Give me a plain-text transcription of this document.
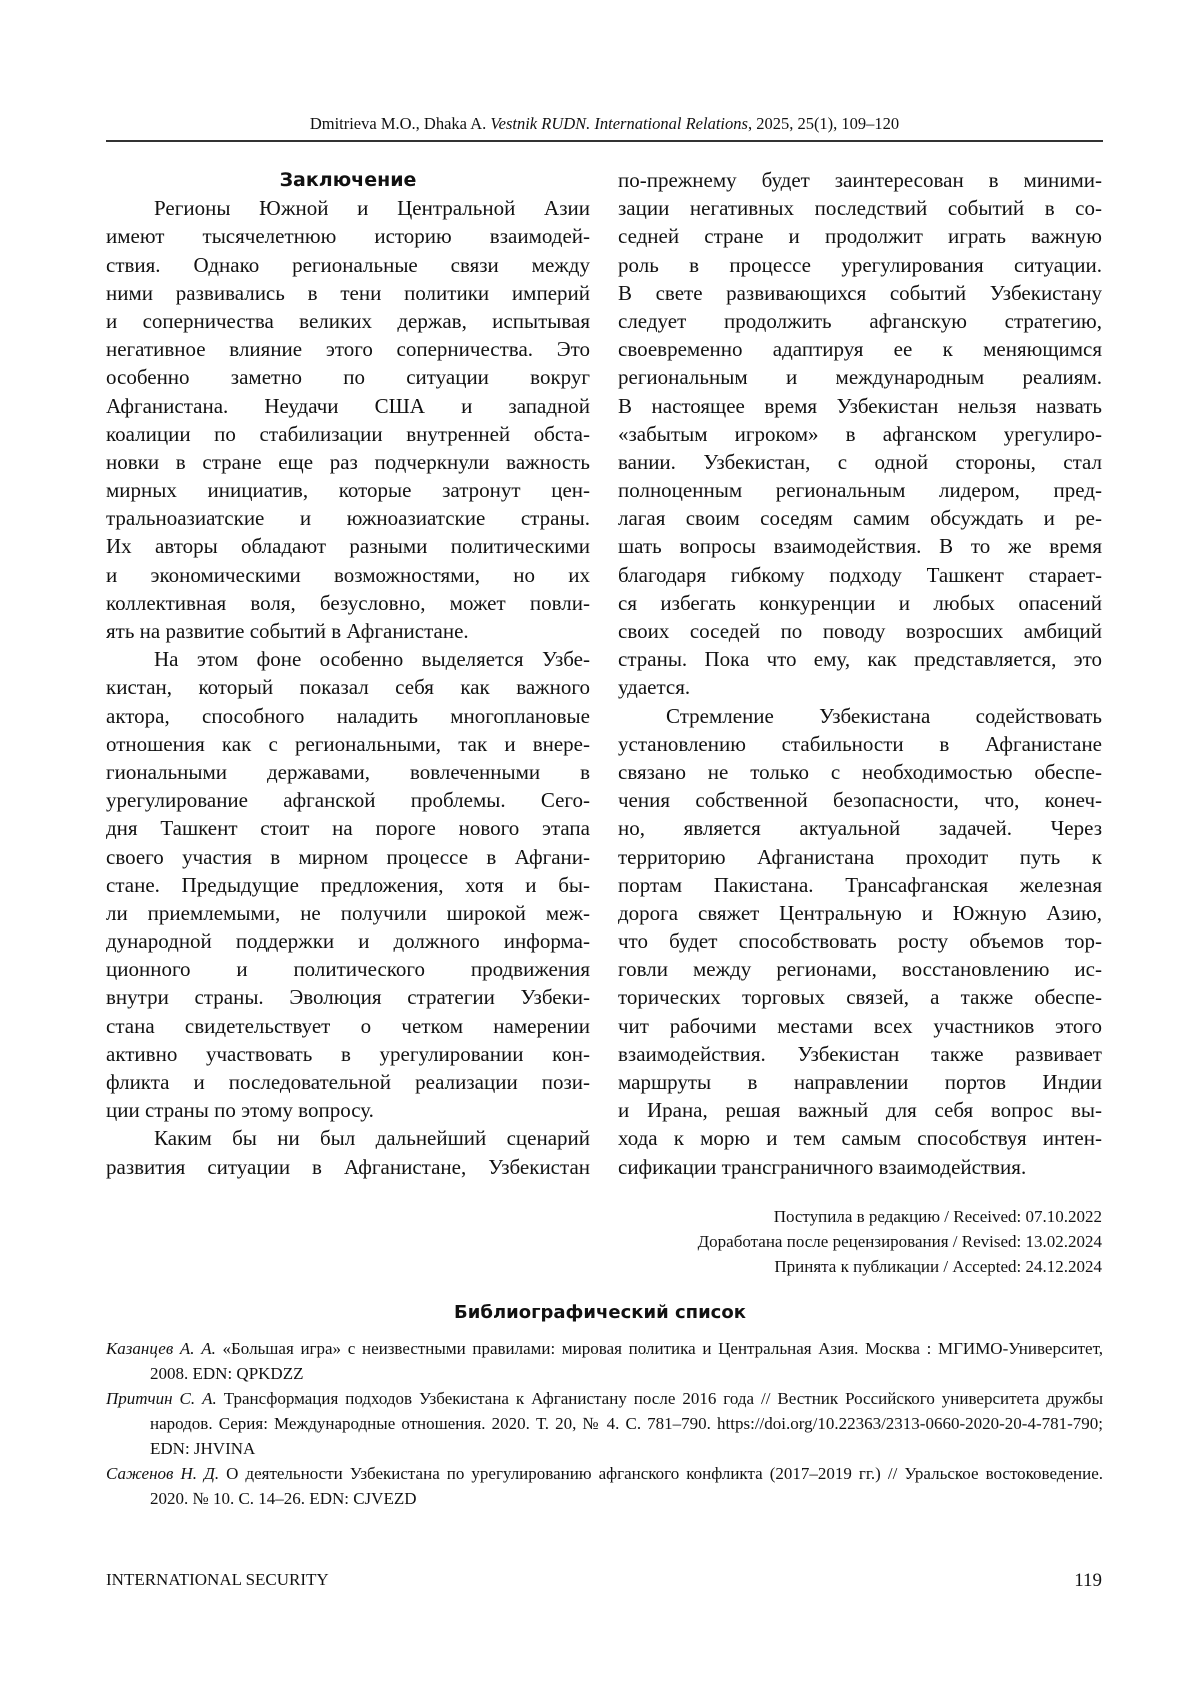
Dmitrieva M.O., Dhaka A. Vestnik RUDN. International Relations, 2025, 25(1), 109–120
Заключение
Регионы Южной и Центральной Азии
имеют тысячелетнюю историю взаимодей-
ствия. Однако региональные связи между
ними развивались в тени политики империй
и соперничества великих держав, испытывая
негативное влияние этого соперничества. Это
особенно заметно по ситуации вокруг
Афганистана. Неудачи США и западной
коалиции по стабилизации внутренней обста-
новки в стране еще раз подчеркнули важность
мирных инициатив, которые затронут цен-
тральноазиатские и южноазиатские страны.
Их авторы обладают разными политическими
и экономическими возможностями, но их
коллективная воля, безусловно, может повли-
ять на развитие событий в Афганистане.
На этом фоне особенно выделяется Узбе-
кистан, который показал себя как важного
актора, способного наладить многоплановые
отношения как с региональными, так и внере-
гиональными державами, вовлеченными в
урегулирование афганской проблемы. Сего-
дня Ташкент стоит на пороге нового этапа
своего участия в мирном процессе в Афгани-
стане. Предыдущие предложения, хотя и бы-
ли приемлемыми, не получили широкой меж-
дународной поддержки и должного информа-
ционного и политического продвижения
внутри страны. Эволюция стратегии Узбеки-
стана свидетельствует о четком намерении
активно участвовать в урегулировании кон-
фликта и последовательной реализации пози-
ции страны по этому вопросу.
Каким бы ни был дальнейший сценарий
развития ситуации в Афганистане, Узбекистан
по-прежнему будет заинтересован в миними-
зации негативных последствий событий в со-
седней стране и продолжит играть важную
роль в процессе урегулирования ситуации.
В свете развивающихся событий Узбекистану
следует продолжить афганскую стратегию,
своевременно адаптируя ее к меняющимся
региональным и международным реалиям.
В настоящее время Узбекистан нельзя назвать
«забытым игроком» в афганском урегулиро-
вании. Узбекистан, с одной стороны, стал
полноценным региональным лидером, пред-
лагая своим соседям самим обсуждать и ре-
шать вопросы взаимодействия. В то же время
благодаря гибкому подходу Ташкент старает-
ся избегать конкуренции и любых опасений
своих соседей по поводу возросших амбиций
страны. Пока что ему, как представляется, это
удается.
Стремление Узбекистана содействовать
установлению стабильности в Афганистане
связано не только с необходимостью обеспе-
чения собственной безопасности, что, конеч-
но, является актуальной задачей. Через
территорию Афганистана проходит путь к
портам Пакистана. Трансафганская железная
дорога свяжет Центральную и Южную Азию,
что будет способствовать росту объемов тор-
говли между регионами, восстановлению ис-
торических торговых связей, а также обеспе-
чит рабочими местами всех участников этого
взаимодействия. Узбекистан также развивает
маршруты в направлении портов Индии
и Ирана, решая важный для себя вопрос вы-
хода к морю и тем самым способствуя интен-
сификации трансграничного взаимодействия.
Поступила в редакцию / Received: 07.10.2022
Доработана после рецензирования / Revised: 13.02.2024
Принята к публикации / Accepted: 24.12.2024
Библиографический список
Казанцев А. А. «Большая игра» с неизвестными правилами: мировая политика и Центральная Азия. Москва : МГИМО-Университет, 2008. EDN: QPKDZZ
Притчин С. А. Трансформация подходов Узбекистана к Афганистану после 2016 года // Вестник Российско­го университета дружбы народов. Серия: Международные отношения. 2020. Т. 20, № 4. С. 781–790. https://doi.org/10.22363/2313-0660-2020-20-4-781-790; EDN: JHVINA
Саженов Н. Д. О деятельности Узбекистана по урегулированию афганского конфликта (2017–2019 гг.) // Уральское востоковедение. 2020. № 10. С. 14–26. EDN: CJVEZD
INTERNATIONAL SECURITY	119
